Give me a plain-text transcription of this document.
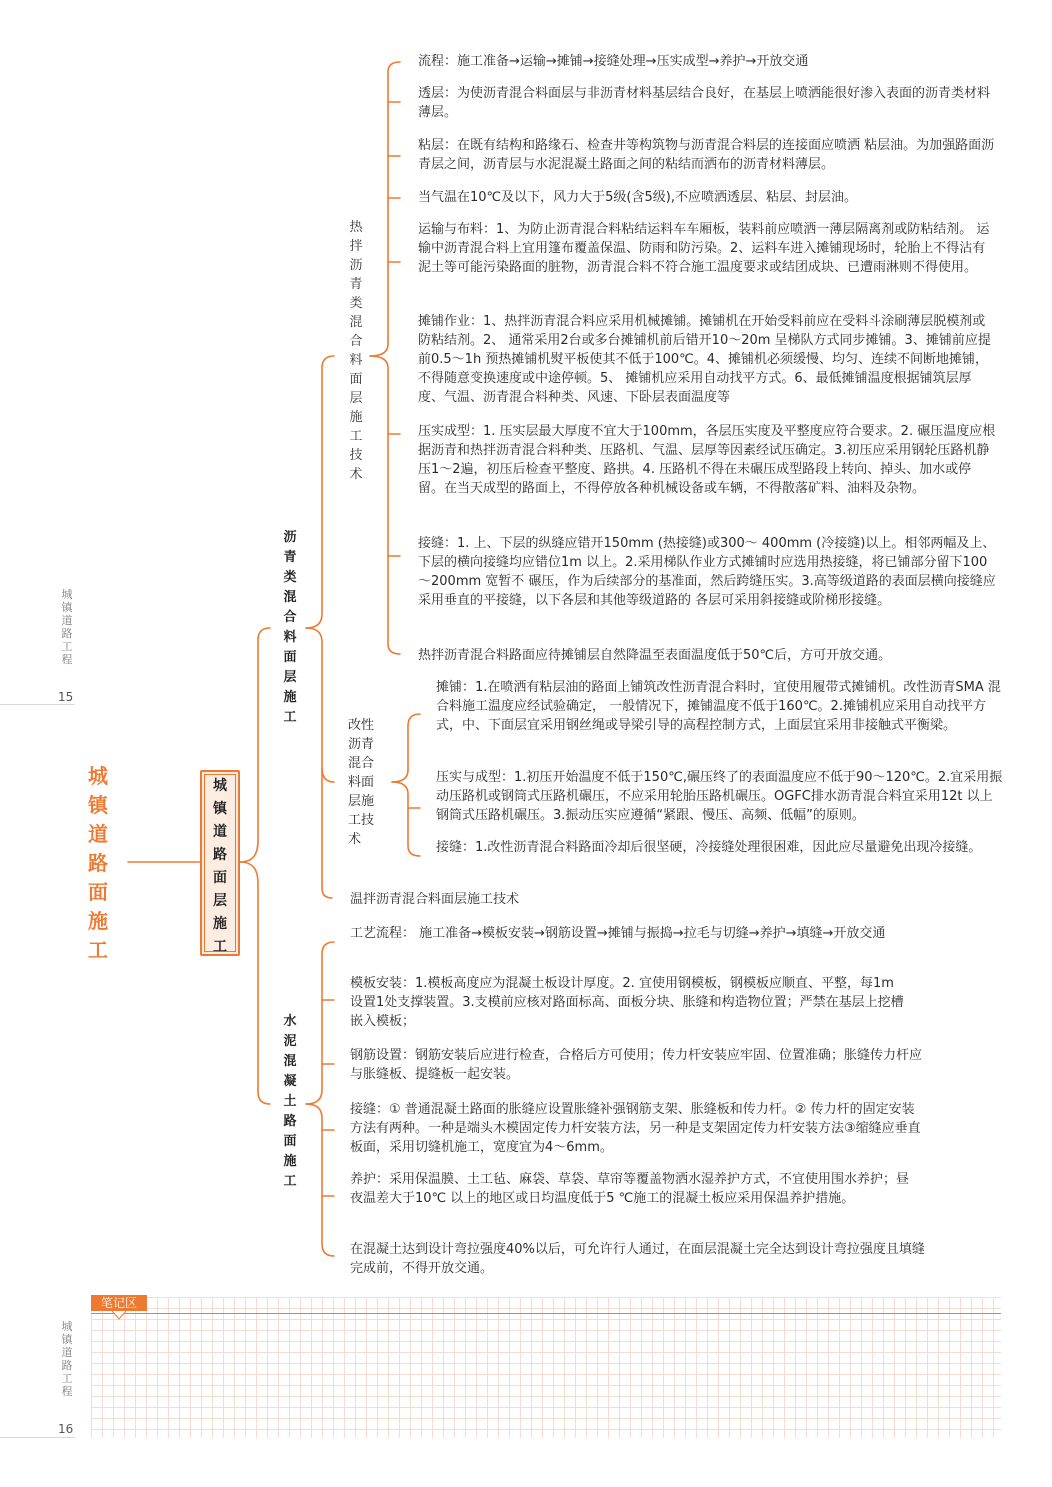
城镇道路工程
15
城镇道路工程
16
城镇道路面施工
城镇道路面层施工
沥青类混合料面层施工
水泥混凝土路面施工
热拌沥青类混合料面层施工技术
改性沥青混合料面层施工技术
温拌沥青混合料面层施工技术
流程：施工准备→运输→摊铺→接缝处理→压实成型→养护→开放交通
透层：为使沥青混合料面层与非沥青材料基层结合良好，在基层上喷洒能很好渗入表面的沥青类材料薄层。
粘层：在既有结构和路缘石、检查井等构筑物与沥青混合料层的连接面应喷洒 粘层油。为加强路面沥青层之间，沥青层与水泥混凝土路面之间的粘结而洒布的沥青材料薄层。
当气温在10℃及以下，风力大于5级(含5级),不应喷洒透层、粘层、封层油。
运输与布料：1、为防止沥青混合料粘结运料车车厢板，装料前应喷洒一薄层隔离剂或防粘结剂。 运输中沥青混合料上宜用篷布覆盖保温、防雨和防污染。2、运料车进入摊铺现场时，轮胎上不得沾有泥土等可能污染路面的脏物，沥青混合料不符合施工温度要求或结团成块、已遭雨淋则不得使用。
摊铺作业：1、热拌沥青混合料应采用机械摊铺。摊铺机在开始受料前应在受料斗涂刷薄层脱模剂或防粘结剂。2、 通常采用2台或多台摊铺机前后错开10～20m 呈梯队方式同步摊铺。3、摊铺前应提前0.5～1h 预热摊铺机熨平板使其不低于100℃。4、摊铺机必须缓慢、均匀、连续不间断地摊铺，不得随意变换速度或中途停顿。5、 摊铺机应采用自动找平方式。6、最低摊铺温度根据铺筑层厚度、气温、沥青混合料种类、风速、下卧层表面温度等
压实成型：1. 压实层最大厚度不宜大于100mm，各层压实度及平整度应符合要求。2. 碾压温度应根据沥青和热拌沥青混合料种类、压路机、气温、层厚等因素经试压确定。3.初压应采用钢轮压路机静压1～2遍，初压后检查平整度、路拱。4. 压路机不得在未碾压成型路段上转向、掉头、加水或停留。在当天成型的路面上，不得停放各种机械设备或车辆，不得散落矿料、油料及杂物。
接缝：1. 上、下层的纵缝应错开150mm (热接缝)或300～ 400mm (冷接缝)以上。相邻两幅及上、下层的横向接缝均应错位1m 以上。2.采用梯队作业方式摊铺时应选用热接缝，将已铺部分留下100～200mm 宽暂不 碾压，作为后续部分的基准面，然后跨缝压实。3.高等级道路的表面层横向接缝应采用垂直的平接缝，以下各层和其他等级道路的 各层可采用斜接缝或阶梯形接缝。
热拌沥青混合料路面应待摊铺层自然降温至表面温度低于50℃后，方可开放交通。
摊铺：1.在喷洒有粘层油的路面上铺筑改性沥青混合料时，宜使用履带式摊铺机。改性沥青SMA 混合料施工温度应经试验确定， 一般情况下，摊铺温度不低于160℃。2.摊铺机应采用自动找平方式，中、下面层宜采用钢丝绳或导梁引导的高程控制方式，上面层宜采用非接触式平衡梁。
压实与成型：1.初压开始温度不低于150℃,碾压终了的表面温度应不低于90～120℃。2.宜采用振动压路机或钢筒式压路机碾压，不应采用轮胎压路机碾压。OGFC排水沥青混合料宜采用12t 以上钢筒式压路机碾压。3.振动压实应遵循“紧跟、慢压、高频、低幅”的原则。
接缝：1.改性沥青混合料路面冷却后很坚硬，冷接缝处理很困难，因此应尽量避免出现冷接缝。
工艺流程： 施工准备→模板安装→钢筋设置→摊铺与振捣→拉毛与切缝→养护→填缝→开放交通
模板安装：1.模板高度应为混凝土板设计厚度。2. 宜使用钢模板，钢模板应顺直、平整，每1m设置1处支撑装置。3.支模前应核对路面标高、面板分块、胀缝和构造物位置；严禁在基层上挖槽嵌入模板；
钢筋设置：钢筋安装后应进行检查，合格后方可使用；传力杆安装应牢固、位置准确；胀缝传力杆应与胀缝板、提缝板一起安装。
接缝：① 普通混凝土路面的胀缝应设置胀缝补强钢筋支架、胀缝板和传力杆。② 传力杆的固定安装方法有两种。一种是端头木模固定传力杆安装方法，另一种是支架固定传力杆安装方法③缩缝应垂直板面，采用切缝机施工，宽度宜为4～6mm。
养护：采用保温膜、土工毡、麻袋、草袋、草帘等覆盖物洒水湿养护方式，不宜使用围水养护；昼夜温差大于10℃ 以上的地区或日均温度低于5 ℃施工的混凝土板应采用保温养护措施。
在混凝土达到设计弯拉强度40%以后，可允许行人通过，在面层混凝土完全达到设计弯拉强度且填缝完成前，不得开放交通。
笔记区
